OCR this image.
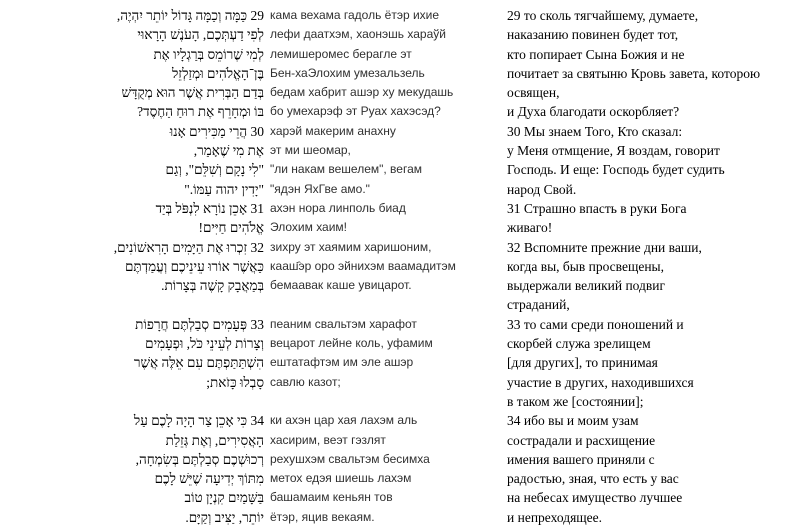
29 כַּמָּה וְכַמָּה גָּדוֹל יוֹתֵר יִהְיֶה,
לְפִי דַעְתְּכֶם, הָעֹנֶשׁ הָרָאוּי
לְמִי שֶׁרוֹמֵס בְּרַגְלָיו אֶת
בֶּן־הָאֱלֹהִים וּמְזַלְזֵל
בְּדַם הַבְּרִית אֲשֶׁר הוּא מְקֻדָּשׁ
בּוֹ וּמְחָרֵף אֶת רוּחַ הַחֶסֶד?
30 הֲרֵי מַכִּירִים אָנוּ
אֶת מִי שֶׁאָמַר,
"לִי נָקָם וְשִׁלֵּם", וְגַם
"יָדִין יהוה עַמּוֹ."
31 אָכֵן נוֹרָא לִנְפֹּל בְּיַד
אֱלֹהִים חַיִּים!
32 זִכְרוּ אֶת הַיָּמִים הָרִאשׁוֹנִים,
כַּאֲשֶׁר אוֹרוּ עֵינֵיכֶם וְעֲמַדְתֶּם
בְּמַאֲבָק קָשֶׁה בְּצָרוֹת.
33 פְּעָמִים סְבַלְתֶּם חֲרָפוֹת
וְצָרוֹת לְעֵינֵי כֹּל, וּפְעָמִים
הִשְׁתַּתַּפְתֶּם עִם אֵלֶּה אֲשֶׁר
סָבְלוּ כָּזֹאת;
34 כִּי אָכֵן צַר הָיָה לָכֶם עַל
הָאֲסִירִים, וְאֶת גְּזֵלַת
רְכוּשְׁכֶם סְבַלְתֶּם בְּשִׂמְחָה,
מִתּוֹךְ יְדִיעָה שֶׁיֵּשׁ לָכֶם
בַּשָּׁמַיִם קִנְיָן טוֹב
יוֹתֵר, יַצִּיב וְקַיָּם.
кама вехама гадоль ётэр ихие
лефи даатхэм, хаонэшь хараўй
лемишеромес берагле эт
Бен-хаЭлохим умезальзель
бедам хабрит ашэр ху мекудашь
бо умехарэф эт Руах хахэсэд?
харэй макерим анахну
эт ми шеомар,
"ли накам вешелем", вегам
"ядэн ЯхГве амо."
ахэн нора линполь биад
Элохим хаим!
зихру эт хаямим харишоним,
кааш҄эр оро эйнихэм ваамадитэм
бемаавак каше увицарот.
пеаним свальтэм харафот
вецарот лейне коль, уфамим
ештатафтэм им эле ашэр
савлю казот;
ки ахэн цар хая лахэм аль
хасирим, веэт гэзлят
рехушхэм свальтэм бесимха
метох едэя шиешь лахэм
башамаим кеньян тов
ётэр, яцив векаям.
29 то сколь тягчайшему, думаете,
наказанию повинен будет тот,
кто попирает Сына Божия и не
почитает за святыню Кровь завета, которою
освящен,
и Духа благодати оскорбляет?
30 Мы знаем Того, Кто сказал:
у Меня отмщение, Я воздам, говорит
Господь. И еще: Господь будет судить
народ Свой.
31 Страшно впасть в руки Бога
живаго!
32 Вспомните прежние дни ваши,
когда вы, быв просвещены,
выдержали великий подвиг
страданий,
33 то сами среди поношений и
скорбей служа зрелищем
[для других], то принимая
участие в других, находившихся
в таком же [состоянии];
34 ибо вы и моим узам
сострадали и расхищение
имения вашего приняли с
радостью, зная, что есть у вас
на небесах имущество лучшее
и непреходящее.
